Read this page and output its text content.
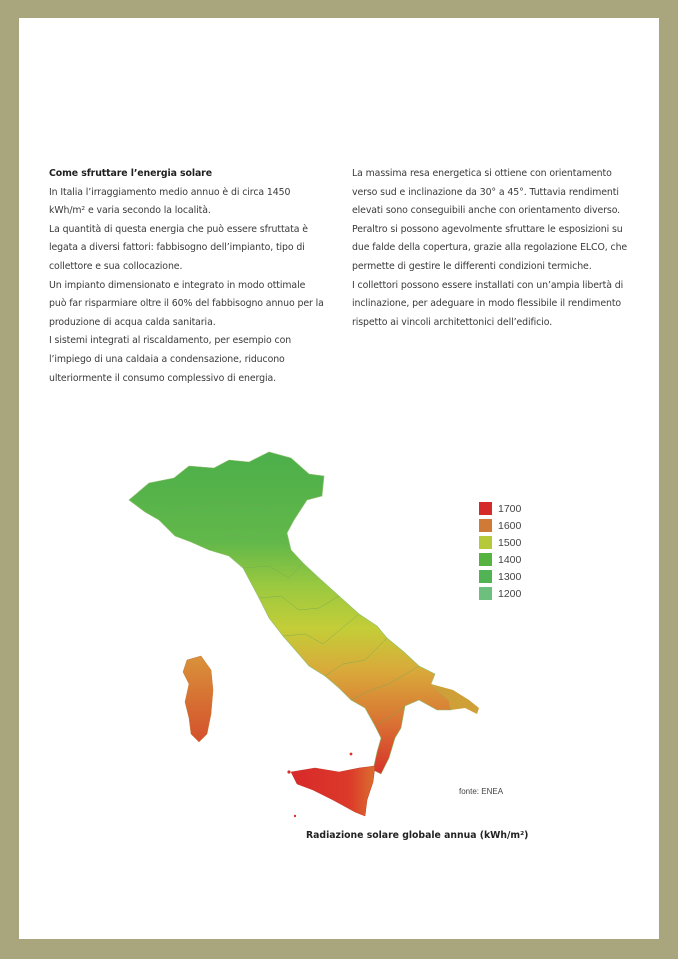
Come sfruttare l’energia solare

In Italia l’irraggiamento medio annuo è di circa 1450 kWh/m² e varia secondo la località.

La quantità di questa energia che può essere sfruttata è legata a diversi fattori: fabbisogno dell’impianto, tipo di collettore e sua collocazione.

Un impianto dimensionato e integrato in modo ottimale può far risparmiare oltre il 60% del fabbisogno annuo per la produzione di acqua calda sanitaria.

I sistemi integrati al riscaldamento, per esempio con l’impiego di una caldaia a condensazione, riducono ulteriormente il consumo complessivo di energia.

La massima resa energetica si ottiene con orientamento verso sud e inclinazione da 30° a 45°. Tuttavia rendimenti elevati sono conseguibili anche con orientamento diverso.

Peraltro si possono agevolmente sfruttare le esposizioni su due falde della copertura, grazie alla regolazione ELCO, che permette di gestire le differenti condizioni termiche.

I collettori possono essere installati con un’ampia libertà di inclinazione, per adeguare in modo flessibile il rendimento rispetto ai vincoli architettonici dell’edificio.

1700
1600
1500
1400
1300
1200
fonte: ENEA
Radiazione solare globale annua (kWh/m²)
